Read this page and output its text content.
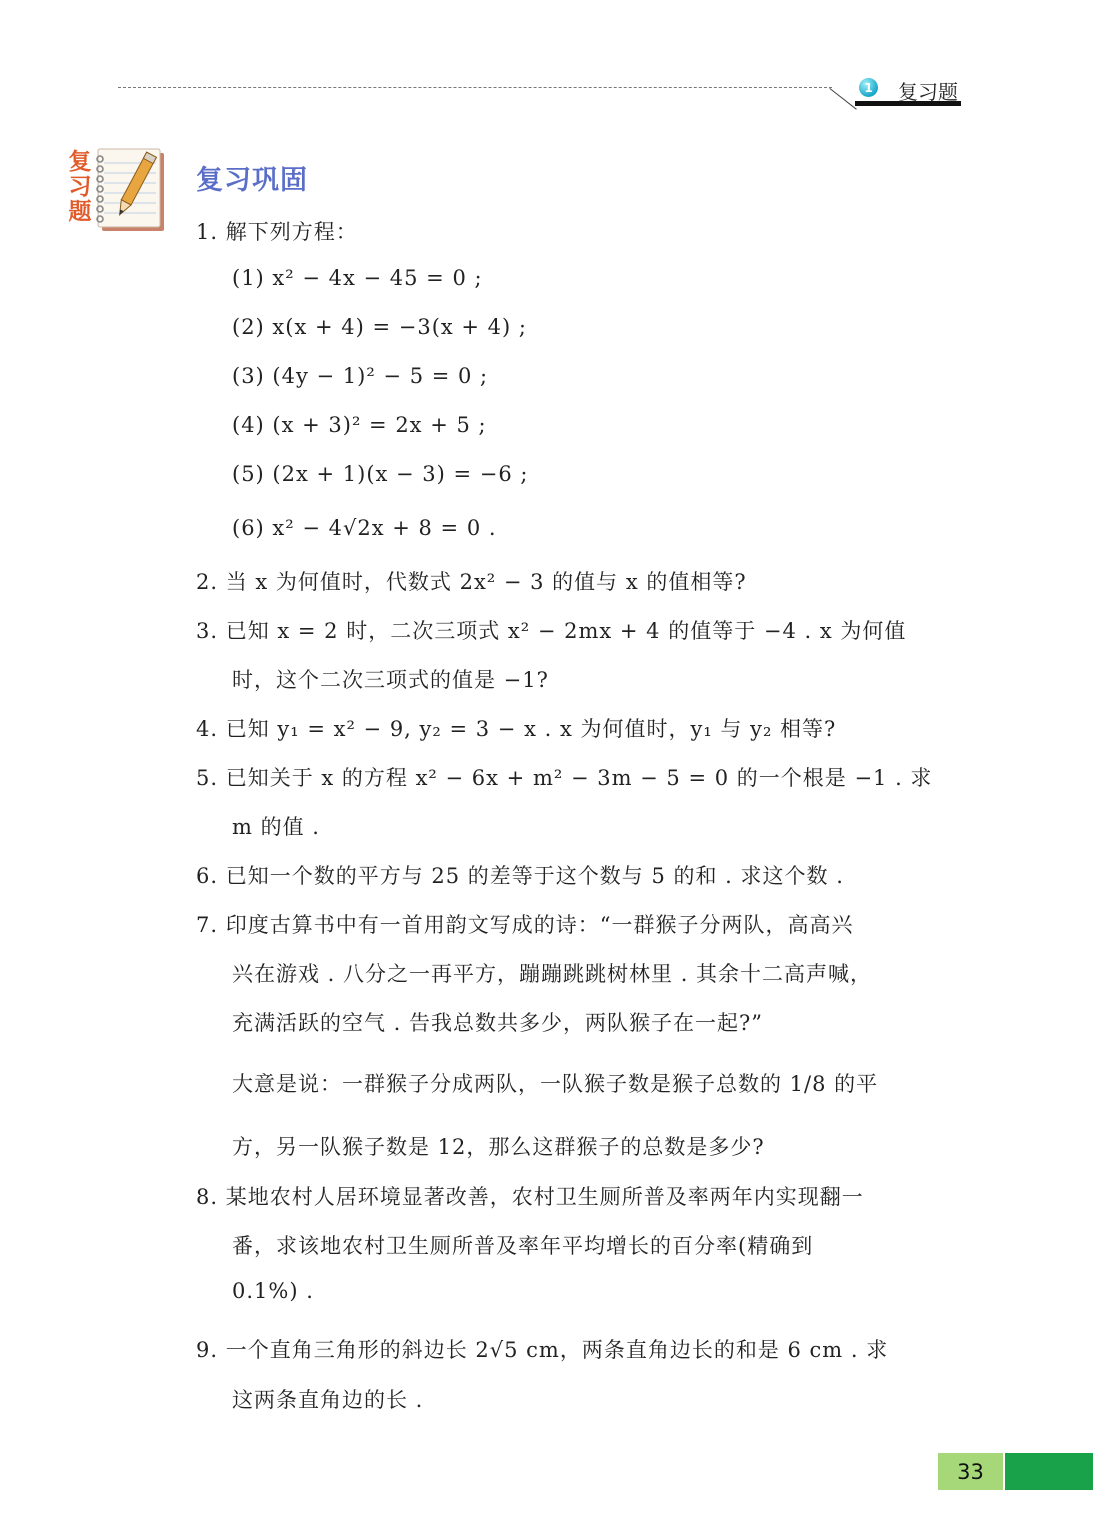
1 复习题
复习题
复习巩固
1. 解下列方程：
(1) x² − 4x − 45 = 0 ;
(2) x(x + 4) = −3(x + 4) ;
(3) (4y − 1)² − 5 = 0 ;
(4) (x + 3)² = 2x + 5 ;
(5) (2x + 1)(x − 3) = −6 ;
(6) x² − 4√2x + 8 = 0 .
2. 当 x 为何值时，代数式 2x² − 3 的值与 x 的值相等?
3. 已知 x = 2 时，二次三项式 x² − 2mx + 4 的值等于 −4 . x 为何值
时，这个二次三项式的值是 −1?
4. 已知 y₁ = x² − 9, y₂ = 3 − x . x 为何值时，y₁ 与 y₂ 相等?
5. 已知关于 x 的方程 x² − 6x + m² − 3m − 5 = 0 的一个根是 −1 . 求
m 的值 .
6. 已知一个数的平方与 25 的差等于这个数与 5 的和 . 求这个数 .
7. 印度古算书中有一首用韵文写成的诗：“一群猴子分两队，高高兴
兴在游戏 . 八分之一再平方，蹦蹦跳跳树林里 . 其余十二高声喊，
充满活跃的空气 . 告我总数共多少，两队猴子在一起?”
大意是说：一群猴子分成两队，一队猴子数是猴子总数的 1/8 的平
方，另一队猴子数是 12，那么这群猴子的总数是多少?
8. 某地农村人居环境显著改善，农村卫生厕所普及率两年内实现翻一
番，求该地农村卫生厕所普及率年平均增长的百分率(精确到
0.1%) .
9. 一个直角三角形的斜边长 2√5 cm，两条直角边长的和是 6 cm . 求
这两条直角边的长 .
33
